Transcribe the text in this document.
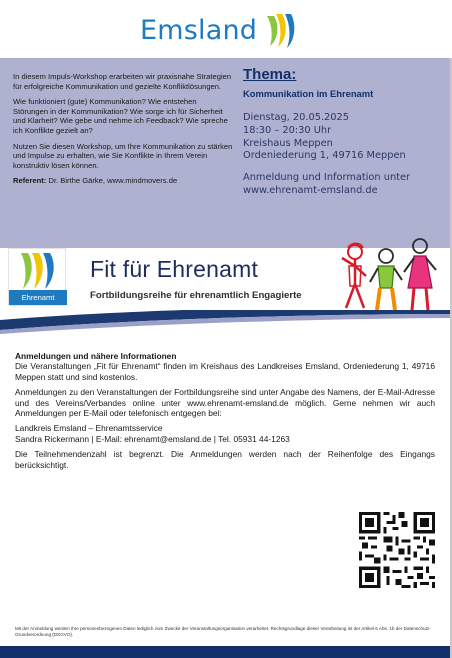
Emsland

In diesem Impuls-Workshop erarbeiten wir praxisnahe Strategien für erfolgreiche Kommunikation und gezielte Konfliktlösungen.

Wie funktioniert (gute) Kommunikation? Wie entstehen Störungen in der Kommunikation? Wie sorge ich für Sicherheit und Klarheit? Wie gebe und nehme ich Feedback? Wie spreche ich Konflikte gezielt an?

Nutzen Sie diesen Workshop, um Ihre Kommunikation zu stärken und Impulse zu erhalten, wie Sie Konflikte in Ihrem Verein konstruktiv lösen können.

Referent: Dr. Birthe Gärke, www.mindmovers.de

Thema:
Kommunikation im Ehrenamt
Dienstag, 20.05.2025
18:30 – 20:30 Uhr
Kreishaus Meppen
Ordeniederung 1, 49716 Meppen
Anmeldung und Information unter
www.ehrenamt-emsland.de
Ehrenamt
Fit für Ehrenamt
Fortbildungsreihe für ehrenamtlich Engagierte

Anmeldungen und nähere Informationen

Die Veranstaltungen „Fit für Ehrenamt“ finden im Kreishaus des Landkreises Emsland, Ordeniederung 1, 49716 Meppen statt und sind kostenlos.

Anmeldungen zu den Veranstaltungen der Fortbildungsreihe sind unter Angabe des Namens, der E-Mail-Adresse und des Vereins/Verbandes online unter www.ehrenamt-emsland.de möglich. Gerne nehmen wir auch Anmeldungen per E-Mail oder telefonisch entgegen bei:

Landkreis Emsland – Ehrenamtsservice

Sandra Rickermann | E-Mail: ehrenamt@emsland.de | Tel. 05931 44-1263

Die Teilnehmendenzahl ist begrenzt. Die Anmeldungen werden nach der Reihenfolge des Eingangs berücksichtigt.

Mit der Anmeldung werden Ihre personenbezogenen Daten lediglich zum Zwecke der Veranstaltungsorganisation verarbeitet. Rechtsgrundlage dieser Verarbeitung ist der Artikel 6 Abs. 1b der Datenschutz-Grundverordnung (DSGVO).
